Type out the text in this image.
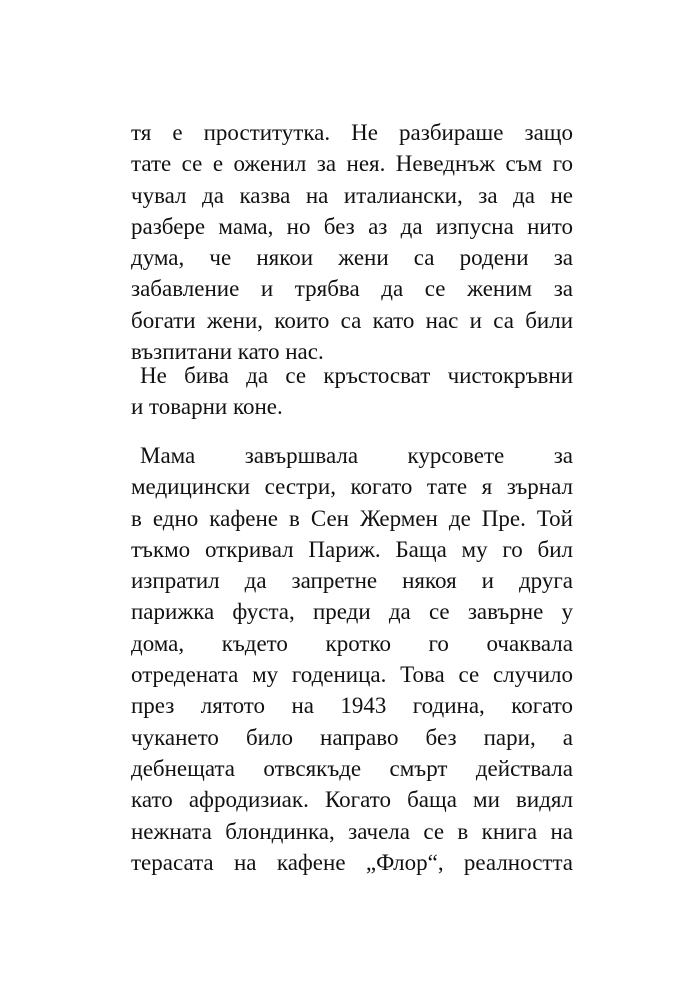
тя е проститутка. Не разбираше защо
тате се е оженил за нея. Неведнъж съм го
чувал да казва на италиански, за да не
разбере мама, но без аз да изпусна нито
дума, че някои жени са родени за
забавление и трябва да се женим за
богати жени, които са като нас и са били
възпитани като нас.
Не бива да се кръстосват чистокръвни
и товарни коне.
Мама завършвала курсовете за
медицински сестри, когато тате я зърнал
в едно кафене в Сен Жермен де Пре. Той
тъкмо откривал Париж. Баща му го бил
изпратил да запретне някоя и друга
парижка фуста, преди да се завърне у
дома, където кротко го очаквала
отредената му годеница. Това се случило
през лятото на 1943 година, когато
чукането било направо без пари, а
дебнещата отвсякъде смърт действала
като афродизиак. Когато баща ми видял
нежната блондинка, зачела се в книга на
терасата на кафене „Флор“, реалността
